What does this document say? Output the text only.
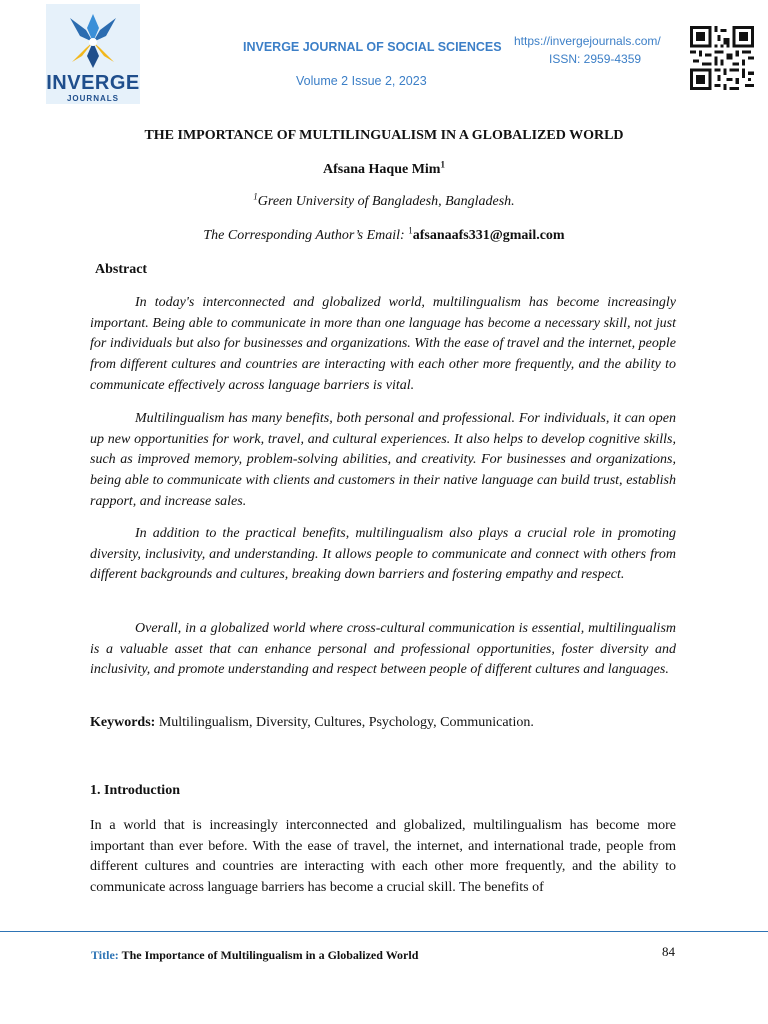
INVERGE
JOURNALS
INVERGE JOURNAL OF SOCIAL SCIENCES
Volume 2 Issue 2, 2023
https://invergejournals.com/
ISSN: 2959-4359
THE IMPORTANCE OF MULTILINGUALISM IN A GLOBALIZED WORLD
Afsana Haque Mim$^1$
$^1$Green University of Bangladesh, Bangladesh.
The Corresponding Author’s Email: $^1$afsanaafs331@gmail.com
Abstract

In today's interconnected and globalized world, multilingualism has become increasingly important. Being able to communicate in more than one language has become a necessary skill, not just for individuals but also for businesses and organizations. With the ease of travel and the internet, people from different cultures and countries are interacting with each other more frequently, and the ability to communicate effectively across language barriers is vital.

Multilingualism has many benefits, both personal and professional. For individuals, it can open up new opportunities for work, travel, and cultural experiences. It also helps to develop cognitive skills, such as improved memory, problem-solving abilities, and creativity. For businesses and organizations, being able to communicate with clients and customers in their native language can build trust, establish rapport, and increase sales.

In addition to the practical benefits, multilingualism also plays a crucial role in promoting diversity, inclusivity, and understanding. It allows people to communicate and connect with others from different backgrounds and cultures, breaking down barriers and fostering empathy and respect.

Overall, in a globalized world where cross-cultural communication is essential, multilingualism is a valuable asset that can enhance personal and professional opportunities, foster diversity and inclusivity, and promote understanding and respect between people of different cultures and languages.

Keywords: Multilingualism, Diversity, Cultures, Psychology, Communication.
1. Introduction

In a world that is increasingly interconnected and globalized, multilingualism has become more important than ever before. With the ease of travel, the internet, and international trade, people from different cultures and countries are interacting with each other more frequently, and the ability to communicate across language barriers has become a crucial skill. The benefits of

Title: The Importance of Multilingualism in a Globalized World	84
